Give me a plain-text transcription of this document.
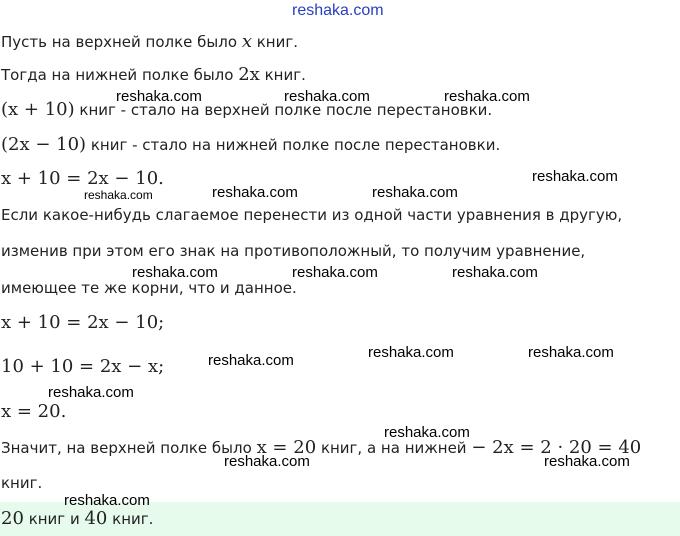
reshaka.com
Пусть на верхней полке было x книг.
Тогда на нижней полке было 2x книг.
(x + 10) книг - стало на верхней полке после перестановки.
(2x − 10) книг - стало на нижней полке после перестановки.
x + 10 = 2x − 10.
Если какое-нибудь слагаемое перенести из одной части уравнения в другую,
изменив при этом его знак на противоположный, то получим уравнение,
имеющее те же корни, что и данное.
x + 10 = 2x − 10;
10 + 10 = 2x − x;
x = 20.
Значит, на верхней полке было x = 20 книг, а на нижней − 2x = 2 · 20 = 40
книг.
20 книг и 40 книг.
reshaka.com	reshaka.com	reshaka.com
reshaka.com	reshaka.com	reshaka.com
reshaka.com
reshaka.com	reshaka.com	reshaka.com
reshaka.com	reshaka.com
reshaka.com
reshaka.com
reshaka.com
reshaka.com	reshaka.com
reshaka.com
